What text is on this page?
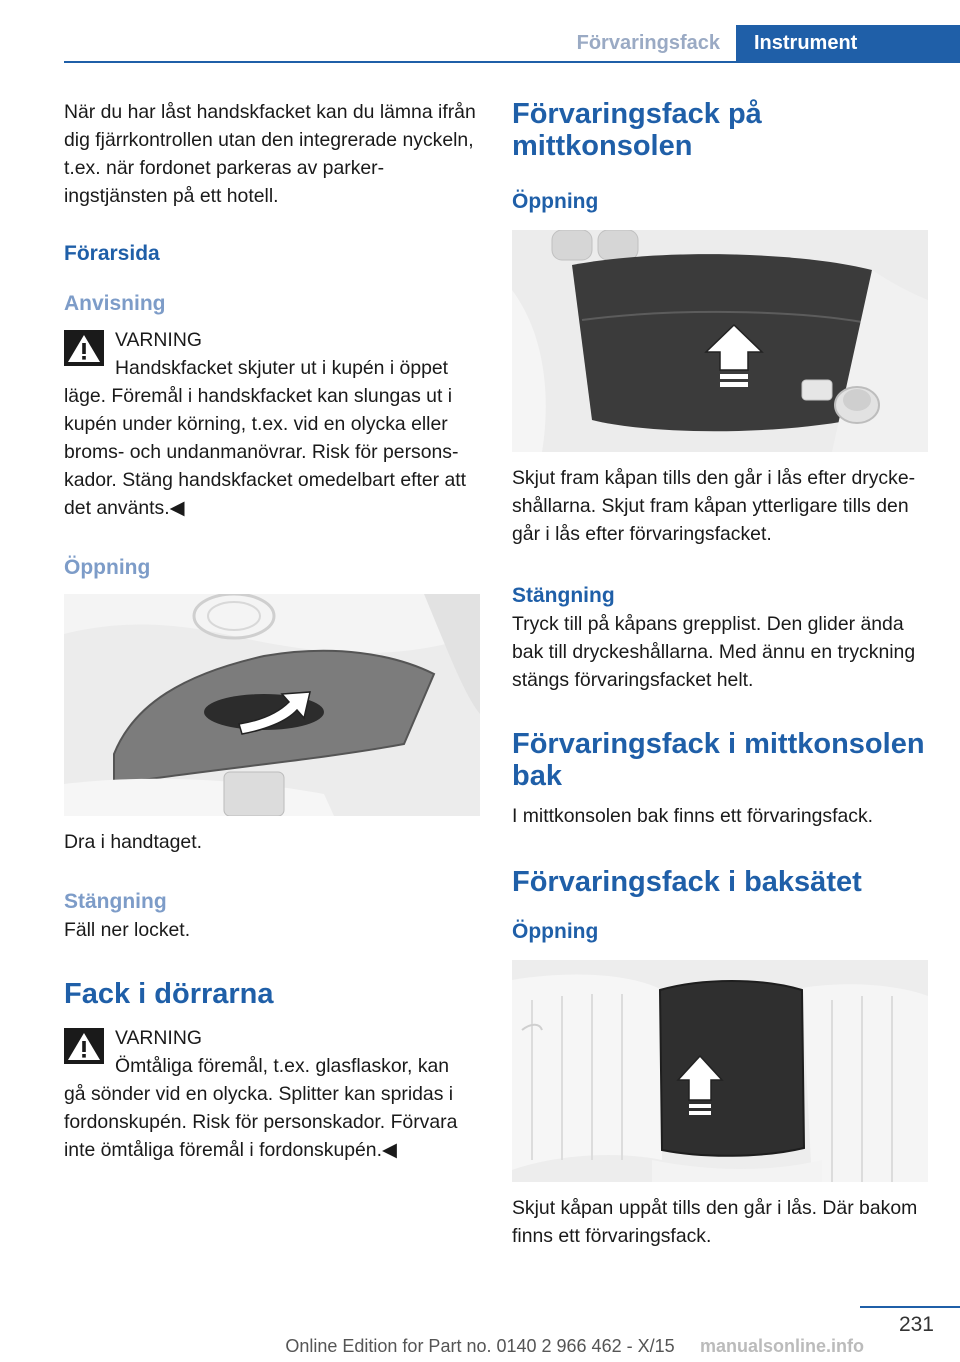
Förvaringsfack	Instrument

När du har låst handskfacket kan du lämna ifrån dig fjärrkontrollen utan den integrerade nyckeln, t.ex. när fordonet parkeras av parker‐ingstjänsten på ett hotell.

Förarsida
Anvisning

VARNING

Handskfacket skjuter ut i kupén i öppet

läge. Föremål i handskfacket kan slungas ut i kupén under körning, t.ex. vid en olycka eller broms- och undanmanövrar. Risk för persons‐kador. Stäng handskfacket omedelbart efter att det använts.◀

Öppning

Dra i handtaget.

Stängning

Fäll ner locket.

Fack i dörrarna

VARNING

Ömtåliga föremål, t.ex. glasflaskor, kan

gå sönder vid en olycka. Splitter kan spridas i fordonskupén. Risk för personskador. Förvara inte ömtåliga föremål i fordonskupén.◀

Förvaringsfack på mittkonsolen
Öppning

Skjut fram kåpan tills den går i lås efter drycke‐shållarna. Skjut fram kåpan ytterligare tills den går i lås efter förvaringsfacket.

Stängning

Tryck till på kåpans grepplist. Den glider ända bak till dryckeshållarna. Med ännu en tryckning stängs förvaringsfacket helt.

Förvaringsfack i mittkonsolen bak

I mittkonsolen bak finns ett förvaringsfack.

Förvaringsfack i baksätet
Öppning

Skjut kåpan uppåt tills den går i lås. Där bakom finns ett förvaringsfack.

231
Online Edition for Part no. 0140 2 966 462 - X/15	manualsonline.info
